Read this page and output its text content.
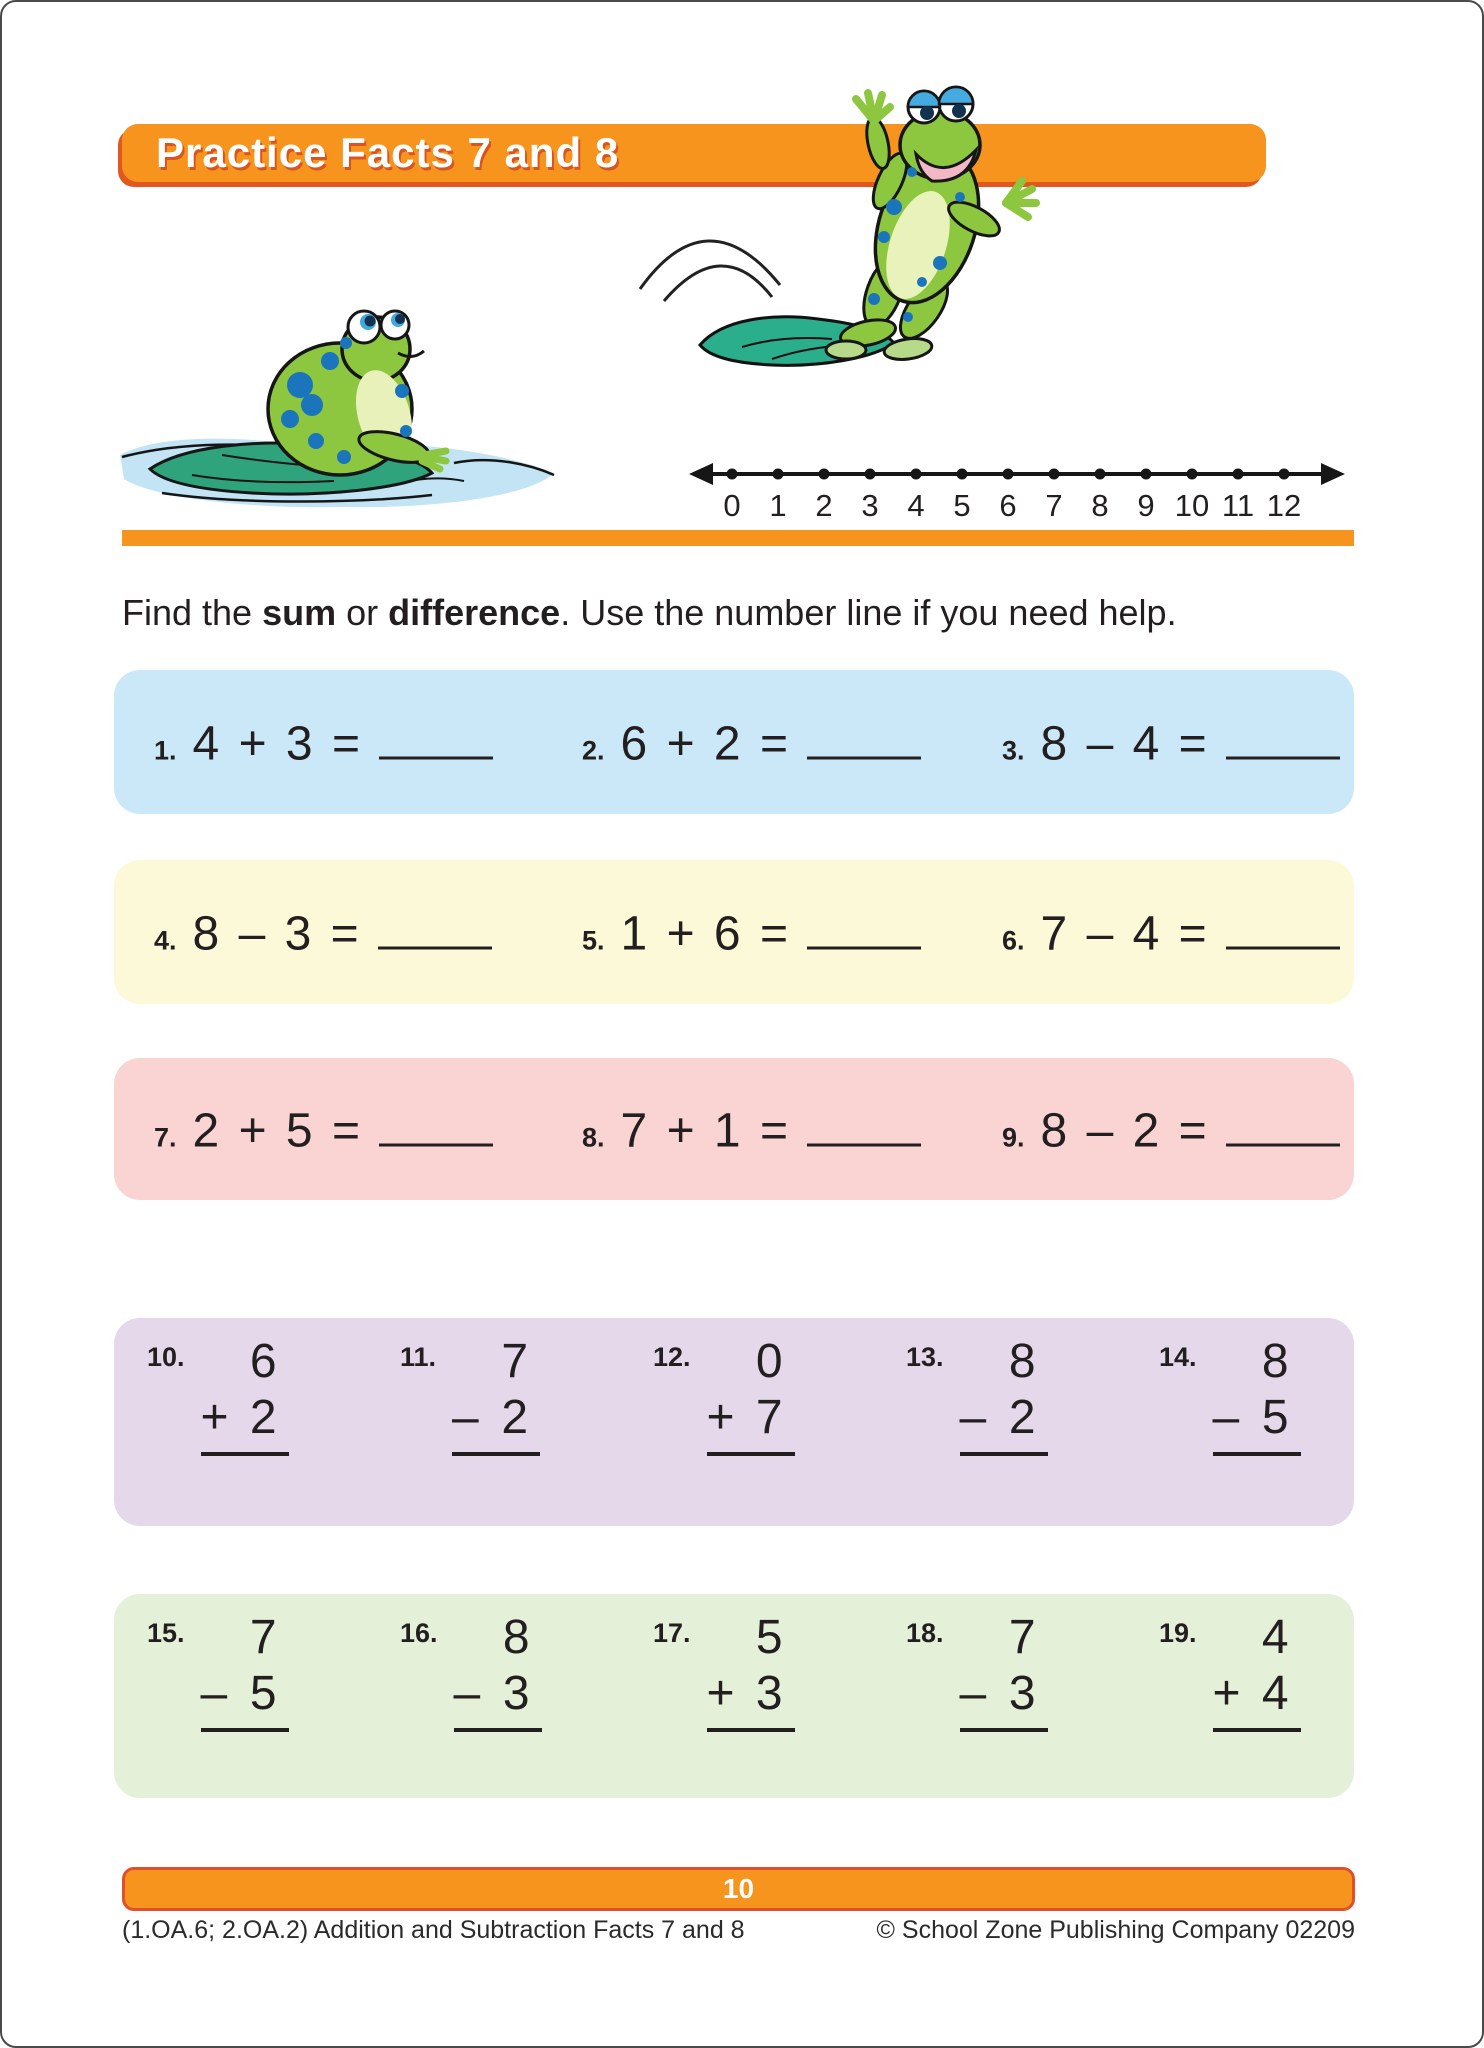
Practice Facts 7 and 8
0 1 2 3 4 5 6 7 8 9 10 11 12

Find the sum or difference. Use the number line if you need help.

1. 4 + 3 =	2. 6 + 2 =	3. 8 – 4 =
4. 8 – 3 =	5. 1 + 6 =	6. 7 – 4 =
7. 2 + 5 =	8. 7 + 1 =	9. 8 – 2 =
10.	6
+ 2
11.	7
– 2
12.	0
+ 7
13.	8
– 2
14.	8
– 5
15.	7
– 5
16.	8
– 3
17.	5
+ 3
18.	7
– 3
19.	4
+ 4
10
(1.OA.6; 2.OA.2) Addition and Subtraction Facts 7 and 8	© School Zone Publishing Company 02209
